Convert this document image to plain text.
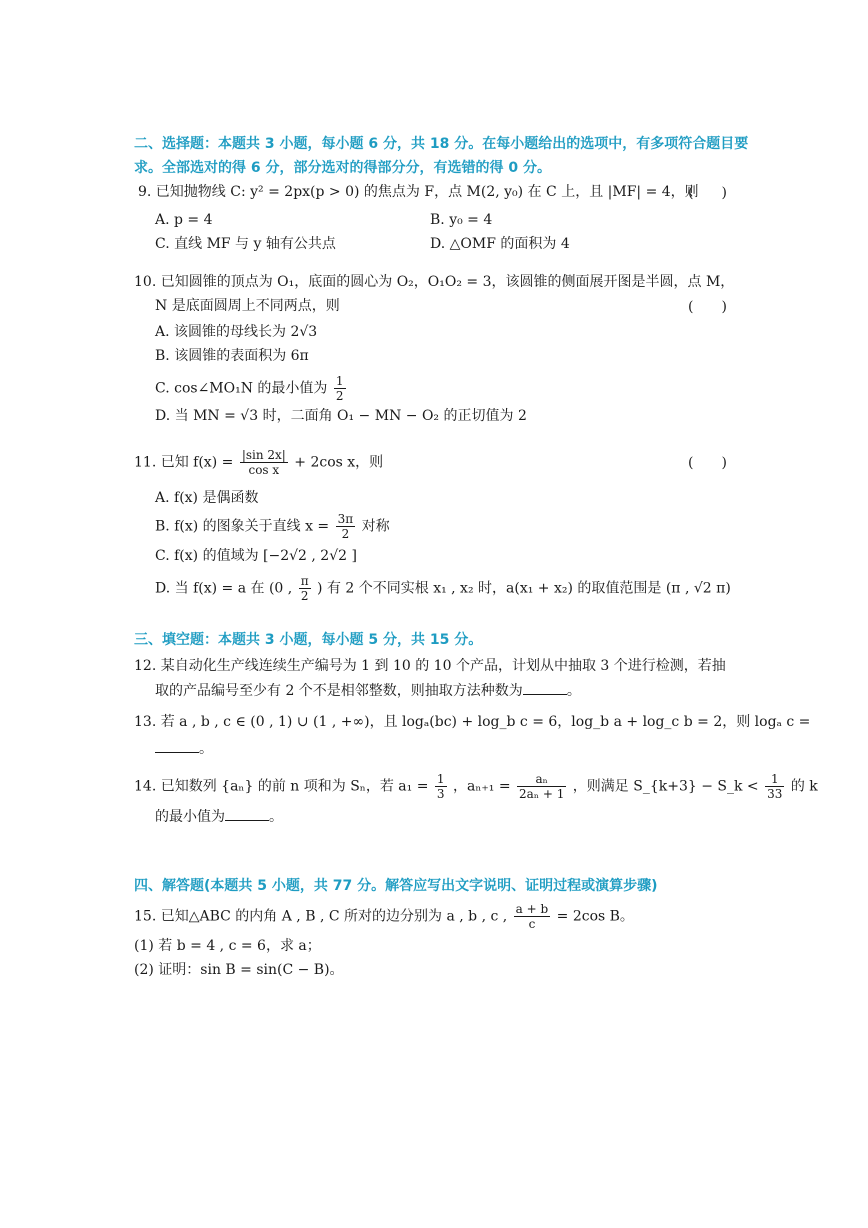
二、选择题：本题共 3 小题，每小题 6 分，共 18 分。在每小题给出的选项中，有多项符合题目要
求。全部选对的得 6 分，部分选对的得部分分，有选错的得 0 分。
9. 已知抛物线 C: y² = 2px(p > 0) 的焦点为 F，点 M(2, y₀) 在 C 上，且 |MF| = 4，则
(　　)
A. p = 4	B. y₀ = 4
C. 直线 MF 与 y 轴有公共点	D. △OMF 的面积为 4
10. 已知圆锥的顶点为 O₁，底面的圆心为 O₂，O₁O₂ = 3，该圆锥的侧面展开图是半圆，点 M，
N 是底面圆周上不同两点，则	(　　)
A. 该圆锥的母线长为 2√3
B. 该圆锥的表面积为 6π
C. cos∠MO₁N 的最小值为 $\frac{1}{2}$
D. 当 MN = √3 时，二面角 O₁ − MN − O₂ 的正切值为 2
11. 已知 $f(x) = \frac{|\sin 2x|}{\text{cos x}} + 2\cos$ x，则	(　　)
A. f(x) 是偶函数
B. f(x) 的图象关于直线 $x = \frac{3\pi}{2}$ 对称
C. f(x) 的值域为 [−2√2 , 2√2 ]
D. 当 f(x) = a 在 (0 , $\frac{\pi}{2}$ ) 有 2 个不同实根 x₁ , x₂ 时，a(x₁ + x₂) 的取值范围是 (π , √2 π)
三、填空题：本题共 3 小题，每小题 5 分，共 15 分。
12. 某自动化生产线连续生产编号为 1 到 10 的 10 个产品，计划从中抽取 3 个进行检测，若抽
取的产品编号至少有 2 个不是相邻整数，则抽取方法种数为	。
13. 若 a , b , c ∈ (0 , 1) ∪ (1 , +∞)，且 logₐ(bc) + log_b c = 6，log_b a + log_c b = 2，则 logₐ c =
。
14. 已知数列 {aₙ} 的前 n 项和为 Sₙ，若 $a_1 = \frac{1}{3}$ ，$a_{n+1} = \frac{\text{aₙ}}{\text{2aₙ + 1}}$ ，则满足 S_{k+3} − S_k < $\frac{1}{33}$ 的 k
的最小值为	。
四、解答题(本题共 5 小题，共 77 分。解答应写出文字说明、证明过程或演算步骤)
15. 已知△ABC 的内角 A , B , C 所对的边分别为 a , b , c , $\frac{a + b}{c} = 2\cos$ B。
(1) 若 b = 4 , c = 6，求 a；
(2) 证明：sin B = sin(C − B)。
